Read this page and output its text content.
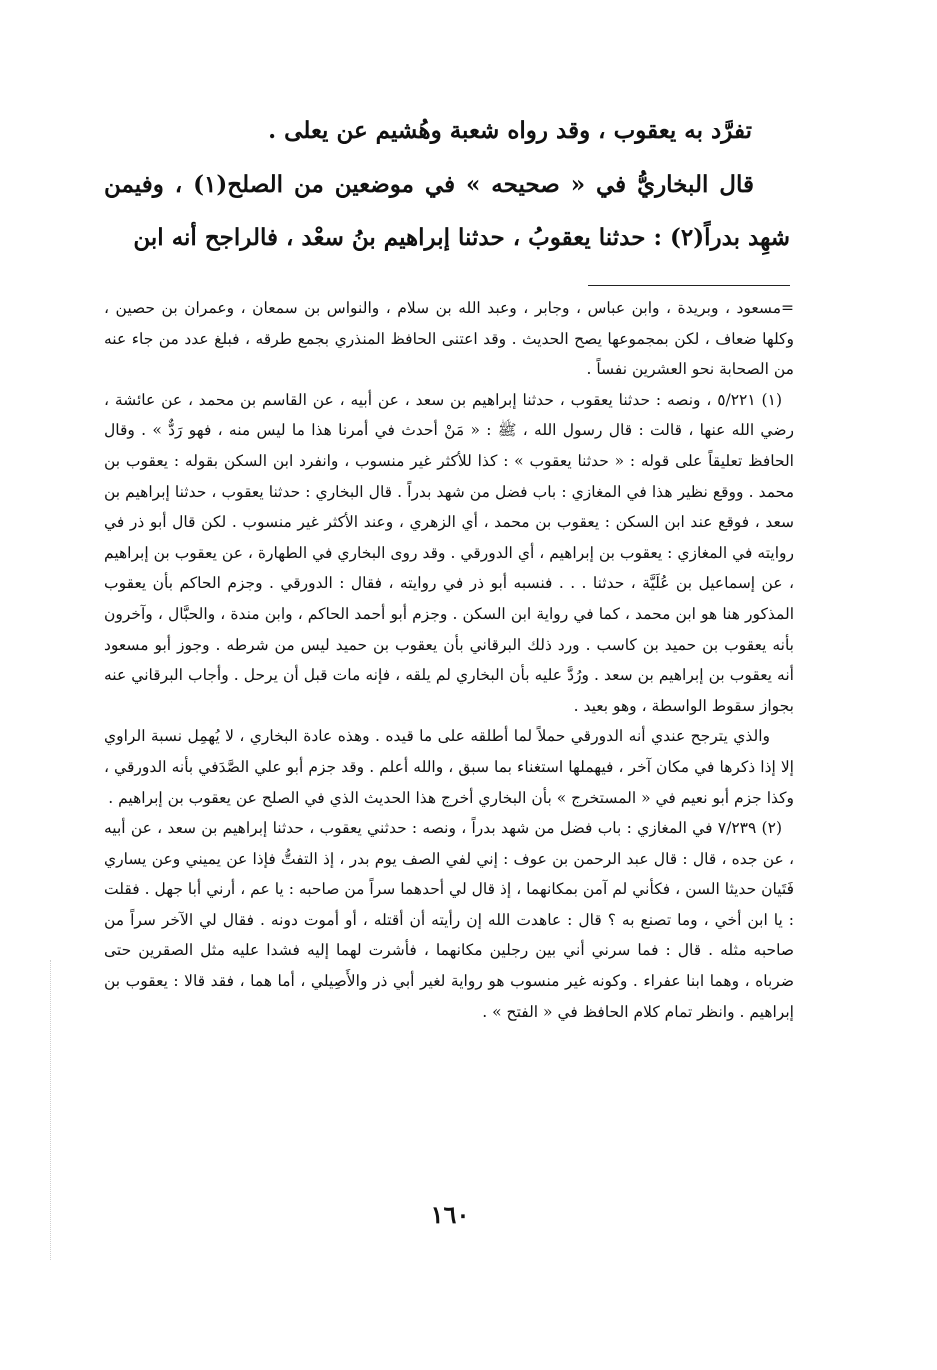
تفرَّد به يعقوب ، وقد رواه شعبة وهُشيم عن يعلى .

قال البخاريُّ في « صحيحه » في موضعين من الصلح(١) ، وفيمن شهِد بدراً(٢) : حدثنا يعقوبُ ، حدثنا إبراهيم بنُ سعْد ، فالراجح أنه ابن

=مسعود ، وبريدة ، وابن عباس ، وجابر ، وعبد الله بن سلام ، والنواس بن سمعان ، وعمران بن حصين ، وكلها ضعاف ، لكن بمجموعها يصح الحديث . وقد اعتنى الحافظ المنذري بجمع طرقه ، فبلغ عدد من جاء عنه من الصحابة نحو العشرين نفساً .

(١) ٥/٢٢١ ، ونصه : حدثنا يعقوب ، حدثنا إبراهيم بن سعد ، عن أبيه ، عن القاسم بن محمد ، عن عائشة ، رضي الله عنها ، قالت : قال رسول الله ، ﷺ : « مَنْ أحدث في أمرنا هذا ما ليس منه ، فهو رَدٌّ » . وقال الحافظ تعليقاً على قوله : « حدثنا يعقوب » : كذا للأكثر غير منسوب ، وانفرد ابن السكن بقوله : يعقوب بن محمد . ووقع نظير هذا في المغازي : باب فضل من شهد بدراً . قال البخاري : حدثنا يعقوب ، حدثنا إبراهيم بن سعد ، فوقع عند ابن السكن : يعقوب بن محمد ، أي الزهري ، وعند الأكثر غير منسوب . لكن قال أبو ذر في روايته في المغازي : يعقوب بن إبراهيم ، أي الدورقي . وقد روى البخاري في الطهارة ، عن يعقوب بن إبراهيم ، عن إسماعيل بن عُلَيَّة ، حدثنا . . . فنسبه أبو ذر في روايته ، فقال : الدورقي . وجزم الحاكم بأن يعقوب المذكور هنا هو ابن محمد ، كما في رواية ابن السكن . وجزم أبو أحمد الحاكم ، وابن مندة ، والحبَّال ، وآخرون بأنه يعقوب بن حميد بن كاسب . ورد ذلك البرقاني بأن يعقوب بن حميد ليس من شرطه . وجوز أبو مسعود أنه يعقوب بن إبراهيم بن سعد . ورُدَّ عليه بأن البخاري لم يلقه ، فإنه مات قبل أن يرحل . وأجاب البرقاني عنه بجواز سقوط الواسطة ، وهو بعيد .

والذي يترجح عندي أنه الدورقي حملاً لما أطلقه على ما قيده . وهذه عادة البخاري ، لا يُهمِل نسبة الراوي إلا إذا ذكرها في مكان آخر ، فيهملها استغناء بما سبق ، والله أعلم . وقد جزم أبو علي الصَّدَفي بأنه الدورقي ، وكذا جزم أبو نعيم في « المستخرج » بأن البخاري أخرج هذا الحديث الذي في الصلح عن يعقوب بن إبراهيم .

(٢) ٧/٢٣٩ في المغازي : باب فضل من شهد بدراً ، ونصه : حدثني يعقوب ، حدثنا إبراهيم بن سعد ، عن أبيه ، عن جده ، قال : قال عبد الرحمن بن عوف : إني لفي الصف يوم بدر ، إذ التفتُّ فإذا عن يميني وعن يساري فَتَيان حديثا السن ، فكأني لم آمن بمكانهما ، إذ قال لي أحدهما سراً من صاحبه : يا عم ، أرني أبا جهل . فقلت : يا ابن أخي ، وما تصنع به ؟ قال : عاهدت الله إن رأيته أن أقتله ، أو أموت دونه . فقال لي الآخر سراً من صاحبه مثله . قال : فما سرني أني بين رجلين مكانهما ، فأشرت لهما إليه فشدا عليه مثل الصقرين حتى ضرباه ، وهما ابنا عفراء . وكونه غير منسوب هو رواية لغير أبي ذر والأَصِيلي ، أما هما ، فقد قالا : يعقوب بن إبراهيم . وانظر تمام كلام الحافظ في « الفتح » .

١٦٠
